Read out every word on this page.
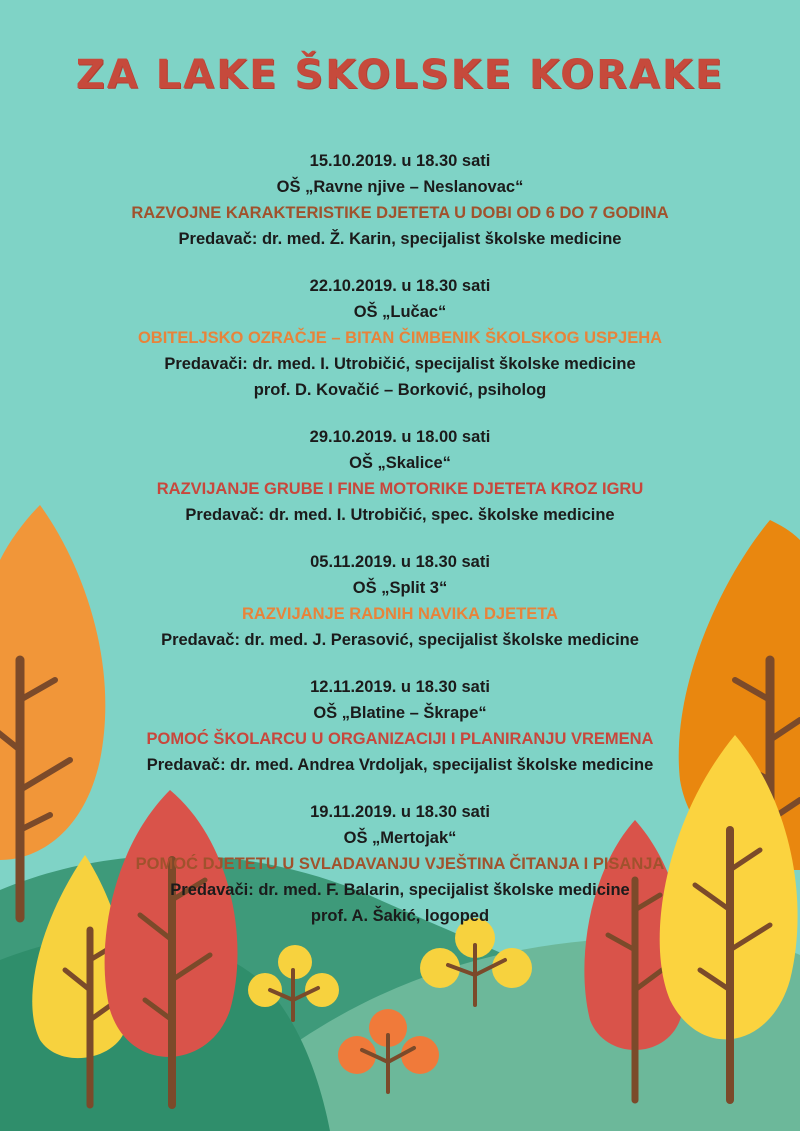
ZA LAKE ŠKOLSKE KORAKE
15.10.2019. u 18.30 sati
OŠ „Ravne njive – Neslanovac“
RAZVOJNE KARAKTERISTIKE DJETETA U DOBI OD 6 DO 7 GODINA
Predavač: dr. med. Ž. Karin, specijalist školske medicine
22.10.2019. u 18.30 sati
OŠ „Lučac“
OBITELJSKO OZRAČJE – BITAN ČIMBENIK ŠKOLSKOG USPJEHA
Predavači: dr. med. I. Utrobičić, specijalist školske medicine
prof. D. Kovačić – Borković, psiholog
29.10.2019. u 18.00 sati
OŠ „Skalice“
RAZVIJANJE GRUBE I FINE MOTORIKE DJETETA KROZ IGRU
Predavač: dr. med. I. Utrobičić, spec. školske medicine
05.11.2019. u 18.30 sati
OŠ „Split 3“
RAZVIJANJE RADNIH NAVIKA DJETETA
Predavač: dr. med. J. Perasović, specijalist školske medicine
12.11.2019. u 18.30 sati
OŠ „Blatine – Škrape“
POMOĆ ŠKOLARCU U ORGANIZACIJI I PLANIRANJU VREMENA
Predavač: dr. med. Andrea Vrdoljak, specijalist školske medicine
19.11.2019. u 18.30 sati
OŠ „Mertojak“
POMOĆ DJETETU U SVLADAVANJU VJEŠTINA ČITANJA I PISANJA
Predavači: dr. med. F. Balarin, specijalist školske medicine
prof. A. Šakić, logoped
